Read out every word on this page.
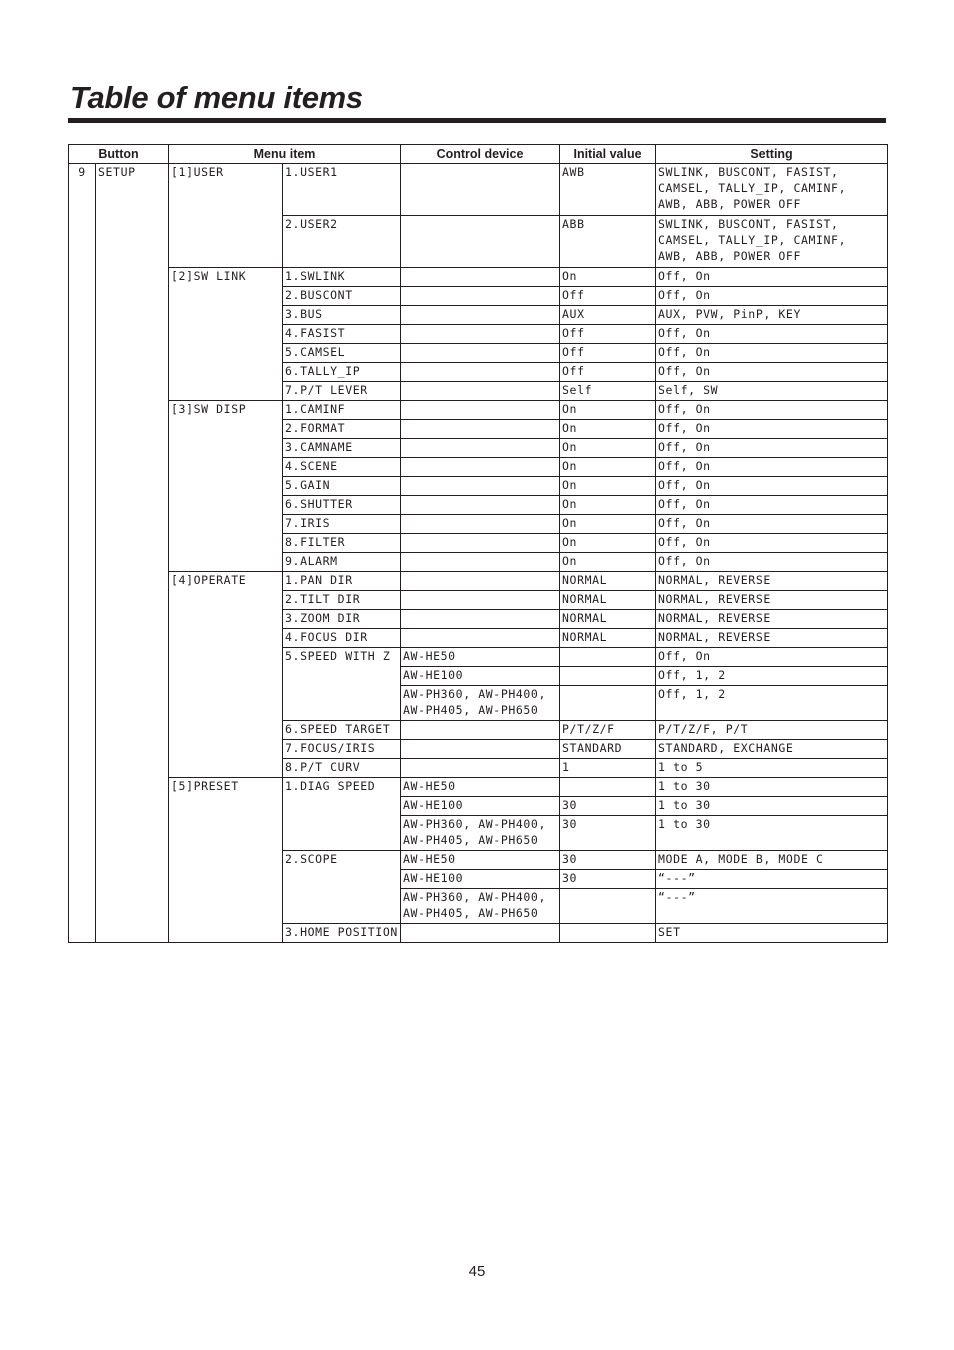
Table of menu items
Button		Menu item		Control device	Initial value	Setting
9	SETUP	[1]USER	1.USER1		AWB	SWLINK, BUSCONT, FASIST,
CAMSEL, TALLY_IP, CAMINF,
AWB, ABB, POWER OFF
			2.USER2		ABB	SWLINK, BUSCONT, FASIST,
CAMSEL, TALLY_IP, CAMINF,
AWB, ABB, POWER OFF
		[2]SW LINK	1.SWLINK		On	Off, On
			2.BUSCONT		Off	Off, On
			3.BUS		AUX	AUX, PVW, PinP, KEY
			4.FASIST		Off	Off, On
			5.CAMSEL		Off	Off, On
			6.TALLY_IP		Off	Off, On
			7.P/T LEVER		Self	Self, SW
		[3]SW DISP	1.CAMINF		On	Off, On
			2.FORMAT		On	Off, On
			3.CAMNAME		On	Off, On
			4.SCENE		On	Off, On
			5.GAIN		On	Off, On
			6.SHUTTER		On	Off, On
			7.IRIS		On	Off, On
			8.FILTER		On	Off, On
			9.ALARM		On	Off, On
		[4]OPERATE	1.PAN DIR		NORMAL	NORMAL, REVERSE
			2.TILT DIR		NORMAL	NORMAL, REVERSE
			3.ZOOM DIR		NORMAL	NORMAL, REVERSE
			4.FOCUS DIR		NORMAL	NORMAL, REVERSE
			5.SPEED WITH Z	AW-HE50		Off, On
				AW-HE100		Off, 1, 2
				AW-PH360, AW-PH400,
AW-PH405, AW-PH650		Off, 1, 2
			6.SPEED TARGET		P/T/Z/F	P/T/Z/F, P/T
			7.FOCUS/IRIS		STANDARD	STANDARD, EXCHANGE
			8.P/T CURV		1	1 to 5
		[5]PRESET	1.DIAG SPEED	AW-HE50		1 to 30
				AW-HE100	30	1 to 30
				AW-PH360, AW-PH400,
AW-PH405, AW-PH650	30	1 to 30
			2.SCOPE	AW-HE50	30	MODE A, MODE B, MODE C
				AW-HE100	30	“---”
				AW-PH360, AW-PH400,
AW-PH405, AW-PH650		“---”
			3.HOME POSITION			SET
45
